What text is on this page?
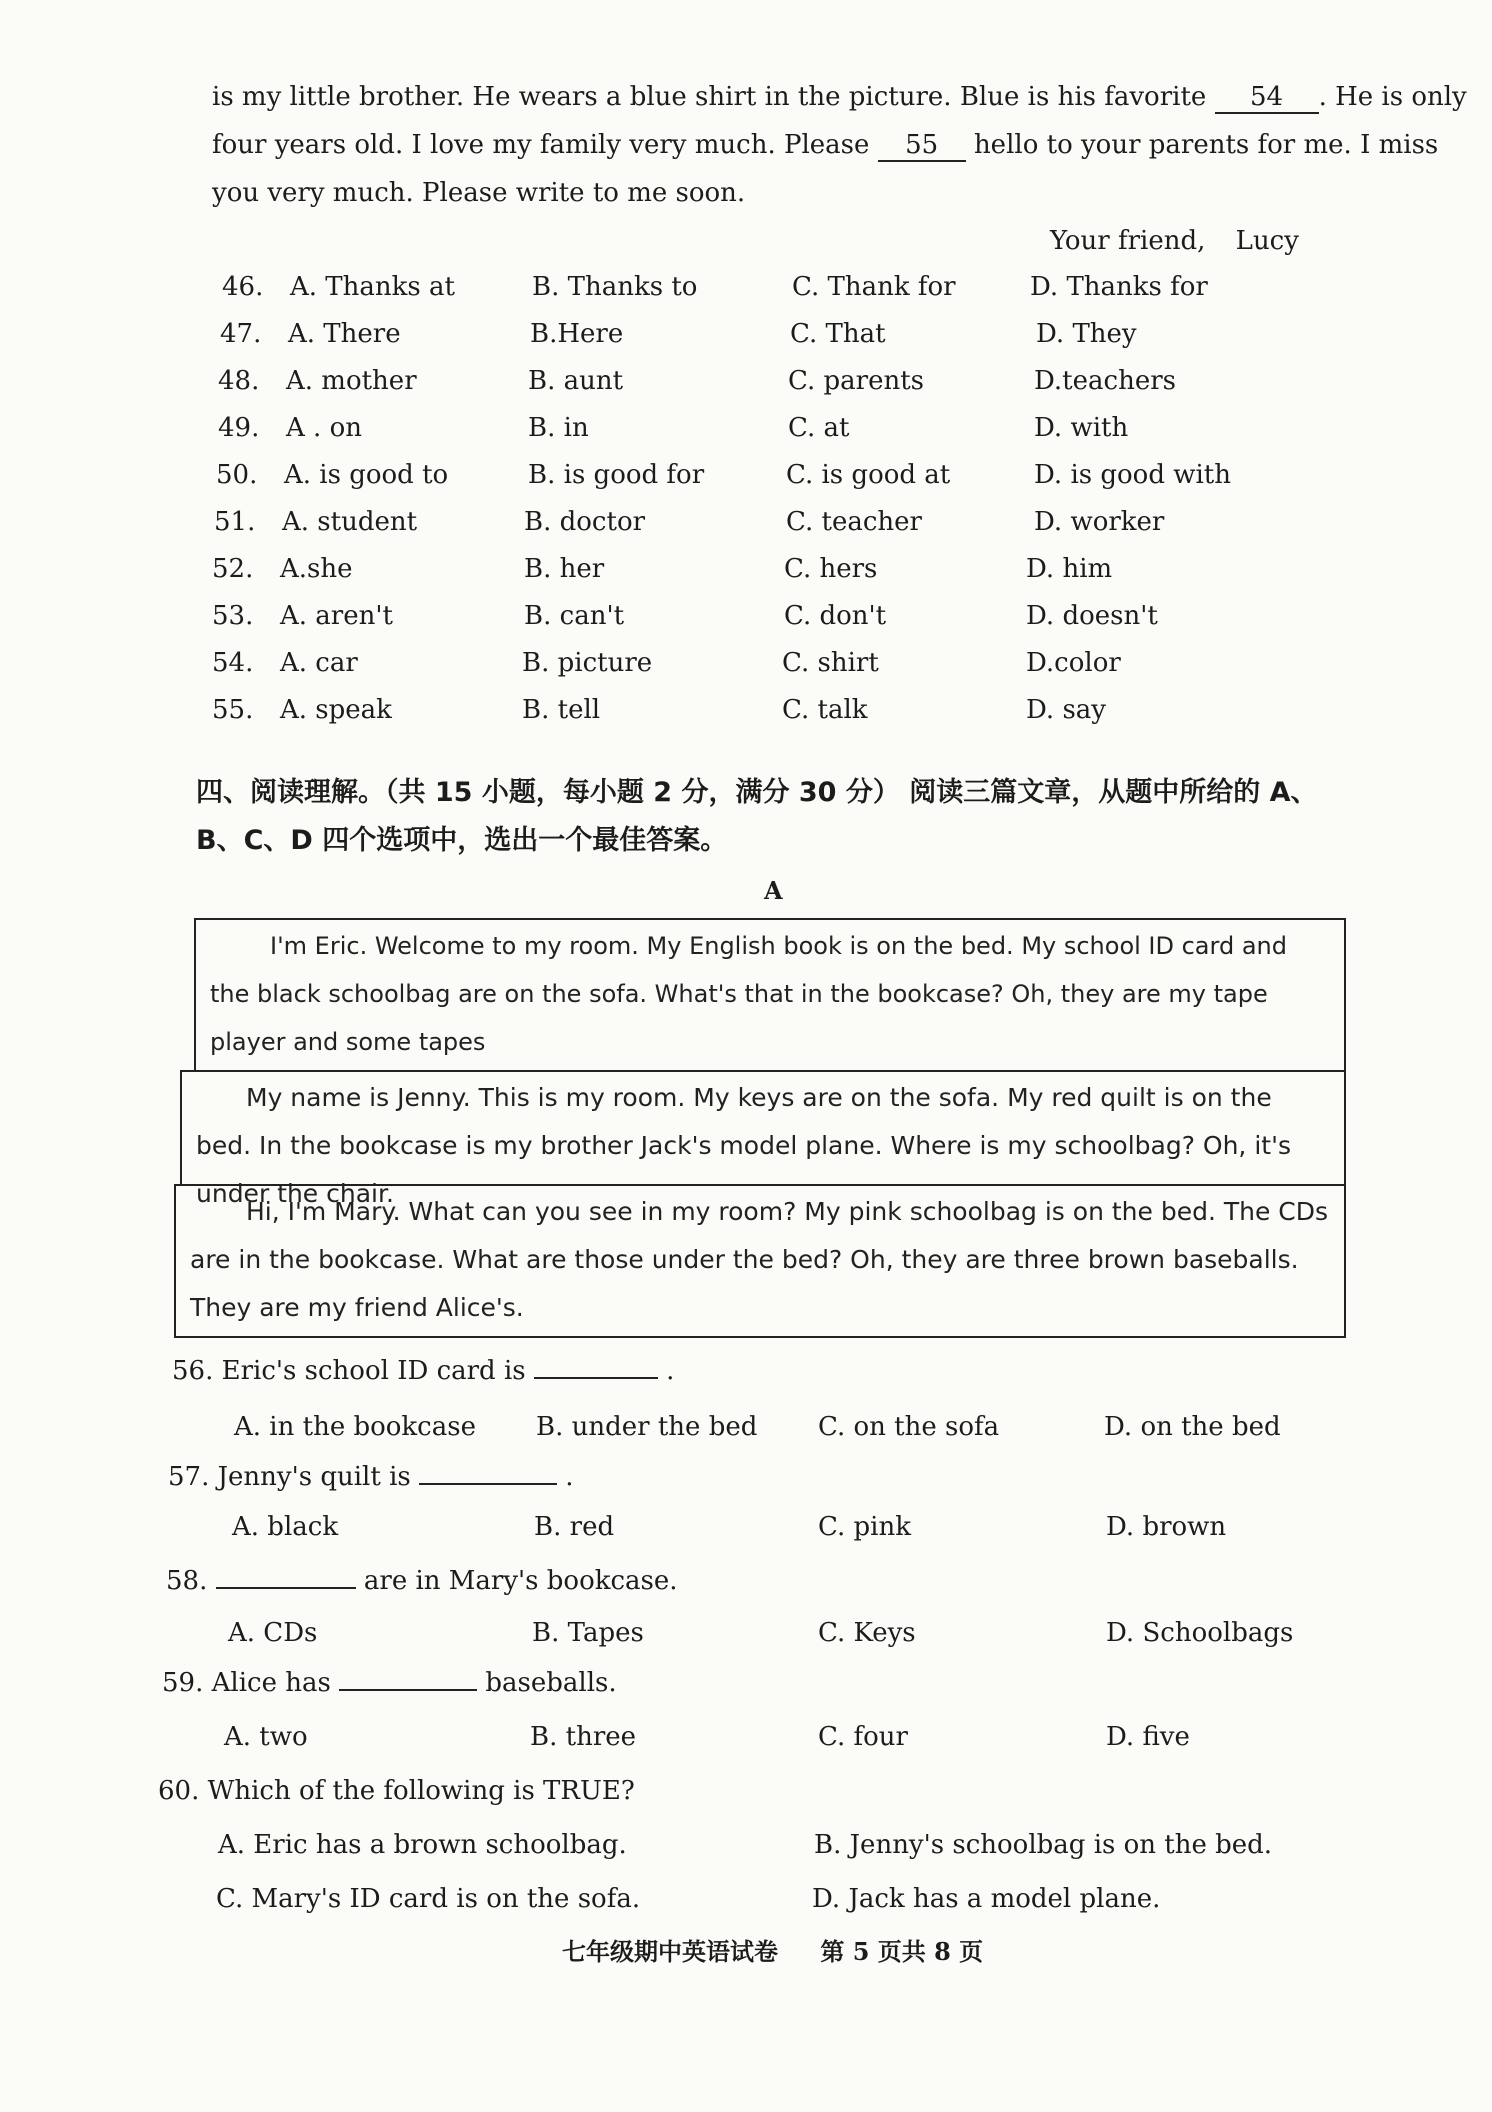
is my little brother. He wears a blue shirt in the picture. Blue is his favorite 54 . He is only
four years old. I love my family very much. Please 55 hello to your parents for me. I miss
you very much. Please write to me soon.
Your friend, Lucy
46. A. Thanks at	B. Thanks to	C. Thank for	D. Thanks for
47. A. There	B.Here	C. That	D. They
48. A. mother	B. aunt	C. parents	D.teachers
49. A . on	B. in	C. at	D. with
50. A. is good to	B. is good for	C. is good at	D. is good with
51. A. student	B. doctor	C. teacher	D. worker
52. A.she	B. her	C. hers	D. him
53. A. aren't	B. can't	C. don't	D. doesn't
54. A. car	B. picture	C. shirt	D.color
55. A. speak	B. tell	C. talk	D. say
四、阅读理解。（共 15 小题，每小题 2 分，满分 30 分） 阅读三篇文章，从题中所给的 A、
B、C、D 四个选项中，选出一个最佳答案。
A

I'm Eric. Welcome to my room. My English book is on the bed. My school ID card and the black schoolbag are on the sofa. What's that in the bookcase? Oh, they are my tape player and some tapes

My name is Jenny. This is my room. My keys are on the sofa. My red quilt is on the bed. In the bookcase is my brother Jack's model plane. Where is my schoolbag? Oh, it's under the chair.

Hi, I'm Mary. What can you see in my room? My pink schoolbag is on the bed. The CDs are in the bookcase. What are those under the bed? Oh, they are three brown baseballs. They are my friend Alice's.

56. Eric's school ID card is	.
A. in the bookcase B. under the bed C. on the sofa	D. on the bed
57. Jenny's quilt is	.
A. black	B. red	C. pink	D. brown
58.	are in Mary's bookcase.
A. CDs	B. Tapes	C. Keys	D. Schoolbags
59. Alice has	baseballs.
A. two	B. three	C. four	D. five
60. Which of the following is TRUE?
A. Eric has a brown schoolbag.	B. Jenny's schoolbag is on the bed.
C. Mary's ID card is on the sofa.	D. Jack has a model plane.
七年级期中英语试卷 第 5 页共 8 页
